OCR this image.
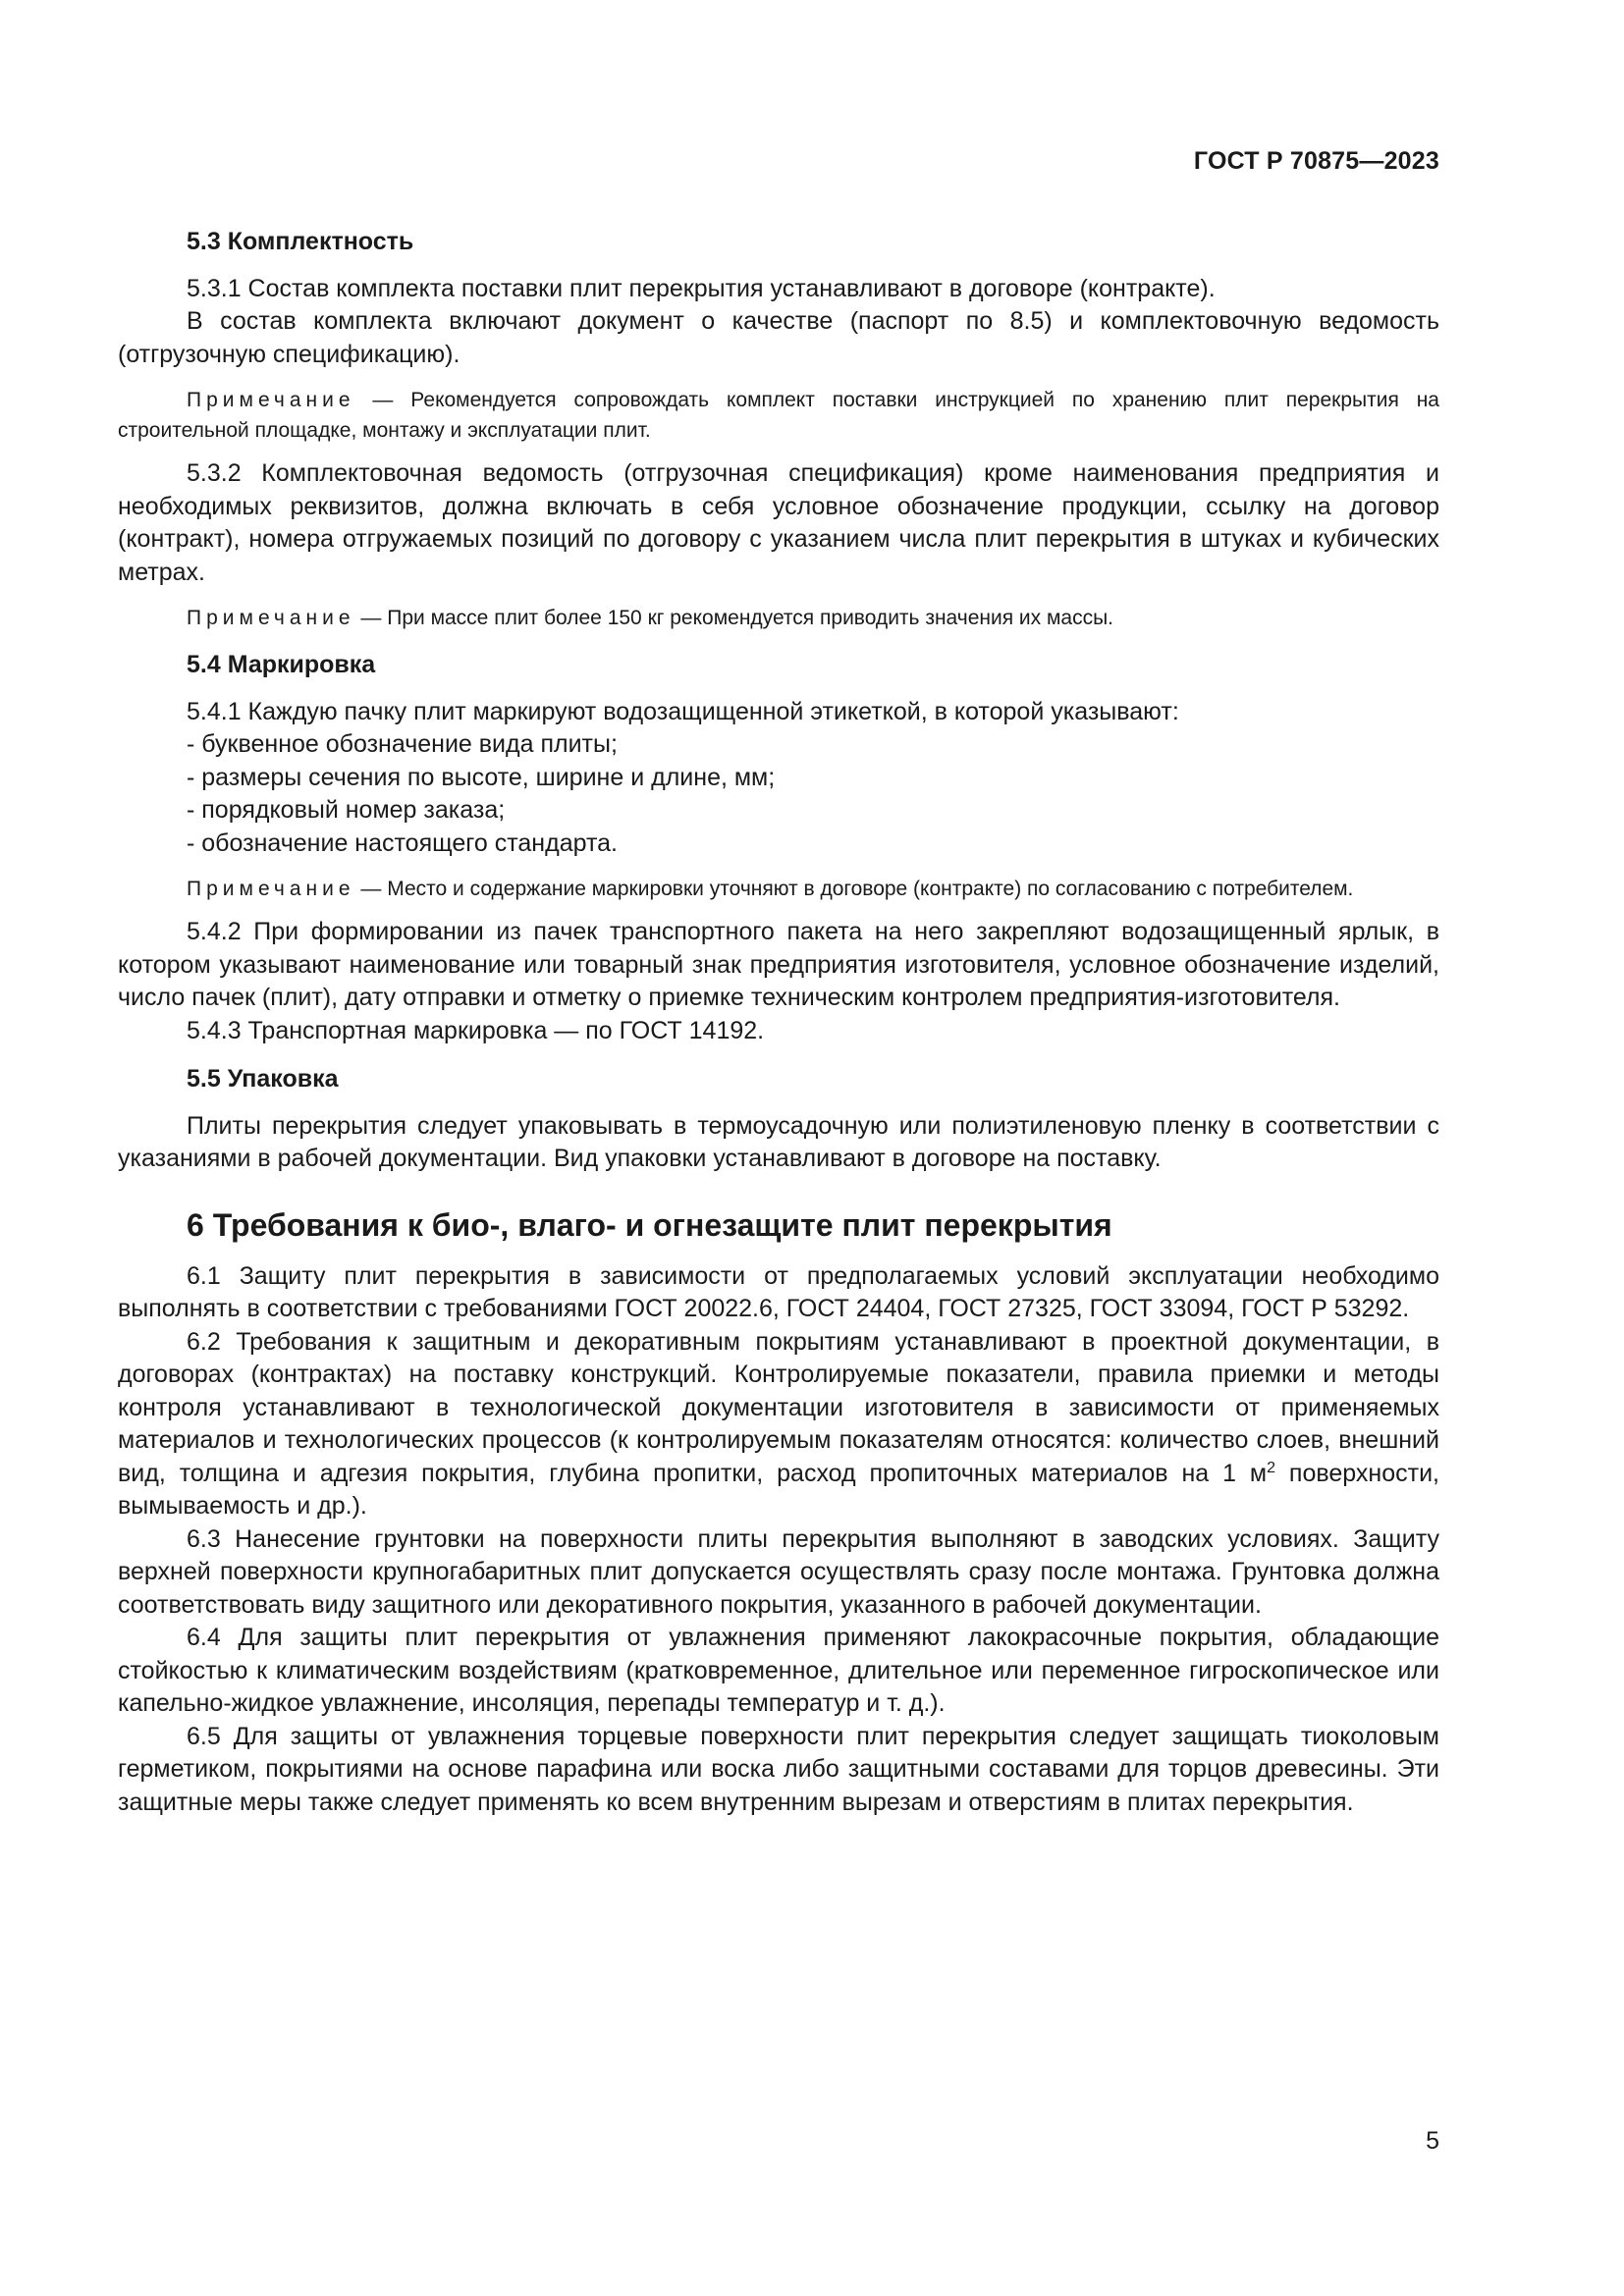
ГОСТ Р 70875—2023

5.3 Комплектность

5.3.1 Состав комплекта поставки плит перекрытия устанавливают в договоре (контракте).

В состав комплекта включают документ о качестве (паспорт по 8.5) и комплектовочную ведомость (отгрузочную спецификацию).

Примечание — Рекомендуется сопровождать комплект поставки инструкцией по хранению плит перекрытия на строительной площадке, монтажу и эксплуатации плит.

5.3.2 Комплектовочная ведомость (отгрузочная спецификация) кроме наименования предприятия и необходимых реквизитов, должна включать в себя условное обозначение продукции, ссылку на договор (контракт), номера отгружаемых позиций по договору с указанием числа плит перекрытия в штуках и кубических метрах.

Примечание — При массе плит более 150 кг рекомендуется приводить значения их массы.

5.4 Маркировка

5.4.1 Каждую пачку плит маркируют водозащищенной этикеткой, в которой указывают:

- буквенное обозначение вида плиты;

- размеры сечения по высоте, ширине и длине, мм;

- порядковый номер заказа;

- обозначение настоящего стандарта.

Примечание — Место и содержание маркировки уточняют в договоре (контракте) по согласованию с потребителем.

5.4.2 При формировании из пачек транспортного пакета на него закрепляют водозащищенный ярлык, в котором указывают наименование или товарный знак предприятия изготовителя, условное обозначение изделий, число пачек (плит), дату отправки и отметку о приемке техническим контролем предприятия-изготовителя.

5.4.3 Транспортная маркировка — по ГОСТ 14192.

5.5 Упаковка

Плиты перекрытия следует упаковывать в термоусадочную или полиэтиленовую пленку в соответствии с указаниями в рабочей документации. Вид упаковки устанавливают в договоре на поставку.

6 Требования к био-, влаго- и огнезащите плит перекрытия

6.1 Защиту плит перекрытия в зависимости от предполагаемых условий эксплуатации необходимо выполнять в соответствии с требованиями ГОСТ 20022.6, ГОСТ 24404, ГОСТ 27325, ГОСТ 33094, ГОСТ Р 53292.

6.2 Требования к защитным и декоративным покрытиям устанавливают в проектной документации, в договорах (контрактах) на поставку конструкций. Контролируемые показатели, правила приемки и методы контроля устанавливают в технологической документации изготовителя в зависимости от применяемых материалов и технологических процессов (к контролируемым показателям относятся: количество слоев, внешний вид, толщина и адгезия покрытия, глубина пропитки, расход пропиточных материалов на 1 $м^2$ поверхности, вымываемость и др.).

6.3 Нанесение грунтовки на поверхности плиты перекрытия выполняют в заводских условиях. Защиту верхней поверхности крупногабаритных плит допускается осуществлять сразу после монтажа. Грунтовка должна соответствовать виду защитного или декоративного покрытия, указанного в рабочей документации.

6.4 Для защиты плит перекрытия от увлажнения применяют лакокрасочные покрытия, обладающие стойкостью к климатическим воздействиям (кратковременное, длительное или переменное гигроскопическое или капельно-жидкое увлажнение, инсоляция, перепады температур и т. д.).

6.5 Для защиты от увлажнения торцевые поверхности плит перекрытия следует защищать тиоколовым герметиком, покрытиями на основе парафина или воска либо защитными составами для торцов древесины. Эти защитные меры также следует применять ко всем внутренним вырезам и отверстиям в плитах перекрытия.

5
